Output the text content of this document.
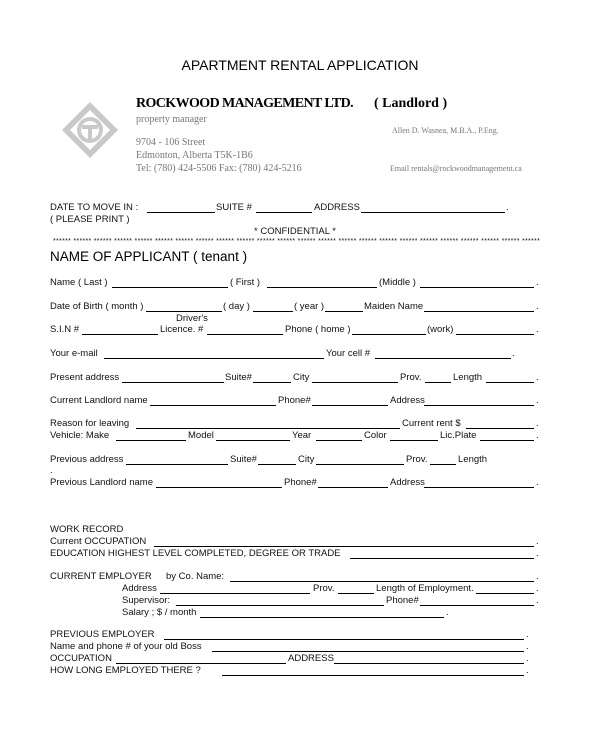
APARTMENT RENTAL APPLICATION
ROCKWOOD MANAGEMENT LTD. ( Landlord )
property manager
9704 - 106 Street
Edmonton, Alberta T5K-1B6
Tel: (780) 424-5506 Fax: (780) 424-5216
Allen D. Wasnea, M.B.A., P.Eng.
Email rentals@rockwoodmanagement.ca
DATE TO MOVE IN :	SUITE #	ADDRESS	.
( PLEASE PRINT )
* CONFIDENTIAL *
****** ****** ****** ****** ****** ****** ****** ****** ****** ****** ****** ****** ****** ****** ****** ****** ****** ****** ****** ****** ****** ****** ****** ******
NAME OF APPLICANT ( tenant )
Name ( Last )	( First )	(Middle )	.
Date of Birth ( month )	( day )	( year )	Maiden Name	.
Driver's
S.I.N #	Licence. #	Phone ( home )	(work)	.
Your e-mail	Your cell #	.
Present address	Suite#	City	Prov.	Length	.
Current Landlord name	Phone#	Address	.
Reason for leaving	Current rent $	.
Vehicle: Make	Model	Year	Color	Lic.Plate	.
Previous address	Suite#	City	Prov.	Length
.
Previous Landlord name	Phone#	Address	.
WORK RECORD
Current OCCUPATION	.
EDUCATION HIGHEST LEVEL COMPLETED, DEGREE OR TRADE	.
CURRENT EMPLOYER by Co. Name:	.
Address	Prov.	Length of Employment.	.
Supervisor:	Phone#	.
Salary ; $ / month	.
PREVIOUS EMPLOYER	.
Name and phone # of your old Boss	.
OCCUPATION	ADDRESS	.
HOW LONG EMPLOYED THERE ?	.
